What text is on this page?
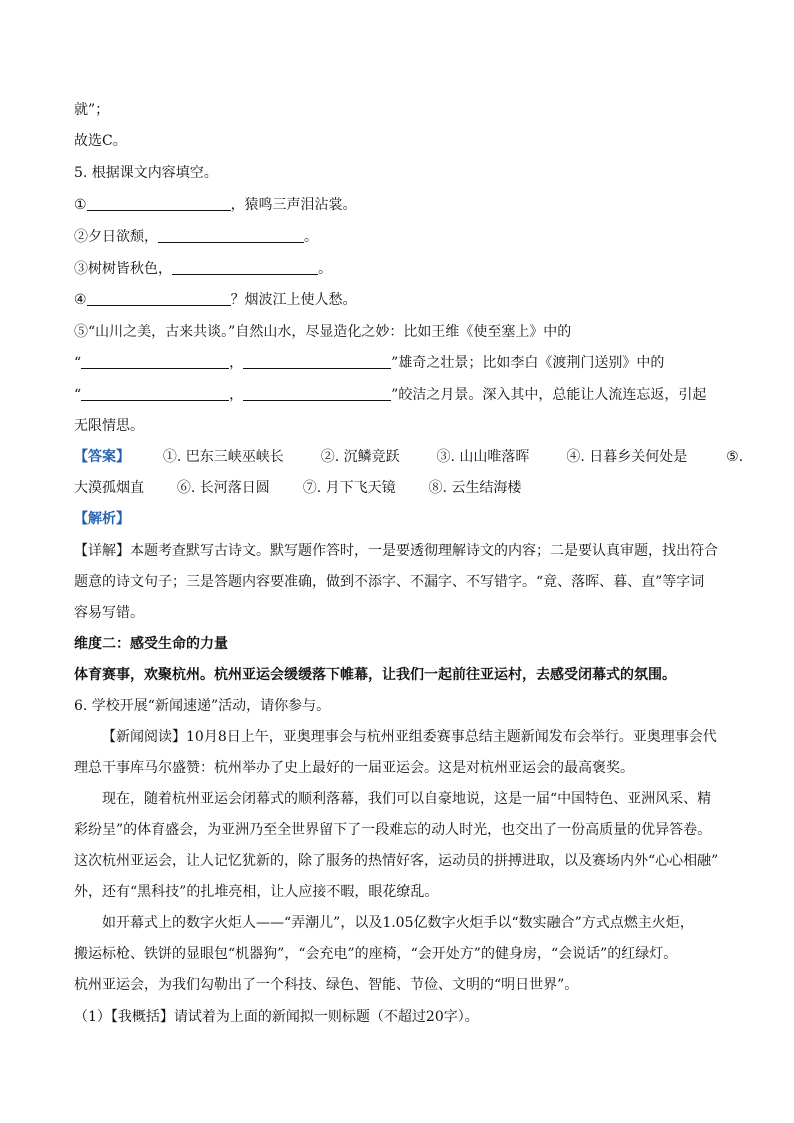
就”；
故选C。
5. 根据课文内容填空。
①	，猿鸣三声泪沾裳。
②夕日欲颓，	。
③树树皆秋色，	。
④	？烟波江上使人愁。
⑤“山川之美，古来共谈。”自然山水，尽显造化之妙：比如王维《使至塞上》中的
“	，	”雄奇之壮景；比如李白《渡荆门送别》中的
“	，	”皎洁之月景。深入其中，总能让人流连忘返，引起
无限情思。
【答案】 ①. 巴东三峡巫峡长	②. 沉鳞竞跃	③. 山山唯落晖	④. 日暮乡关何处是	⑤.
大漠孤烟直 ⑥. 长河落日圆 ⑦. 月下飞天镜 ⑧. 云生结海楼
【解析】
【详解】本题考查默写古诗文。默写题作答时，一是要透彻理解诗文的内容；二是要认真审题，找出符合
题意的诗文句子；三是答题内容要准确，做到不添字、不漏字、不写错字。“竟、落晖、暮、直”等字词
容易写错。
维度二：感受生命的力量
体育赛事，欢聚杭州。杭州亚运会缓缓落下帷幕，让我们一起前往亚运村，去感受闭幕式的氛围。
6. 学校开展“新闻速递”活动，请你参与。
【新闻阅读】10月8日上午，亚奥理事会与杭州亚组委赛事总结主题新闻发布会举行。亚奥理事会代
理总干事库马尔盛赞：杭州举办了史上最好的一届亚运会。这是对杭州亚运会的最高褒奖。
现在，随着杭州亚运会闭幕式的顺利落幕，我们可以自豪地说，这是一届“中国特色、亚洲风采、精
彩纷呈”的体育盛会，为亚洲乃至全世界留下了一段难忘的动人时光，也交出了一份高质量的优异答卷。
这次杭州亚运会，让人记忆犹新的，除了服务的热情好客，运动员的拼搏进取，以及赛场内外“心心相融”
外，还有“黑科技”的扎堆亮相，让人应接不暇，眼花缭乱。
如开幕式上的数字火炬人——“弄潮儿”，以及1.05亿数字火炬手以“数实融合”方式点燃主火炬，
搬运标枪、铁饼的显眼包“机器狗”，“会充电”的座椅，“会开处方”的健身房，“会说话”的红绿灯。
杭州亚运会，为我们勾勒出了一个科技、绿色、智能、节俭、文明的“明日世界”。
（1）【我概括】请试着为上面的新闻拟一则标题（不超过20字）。
